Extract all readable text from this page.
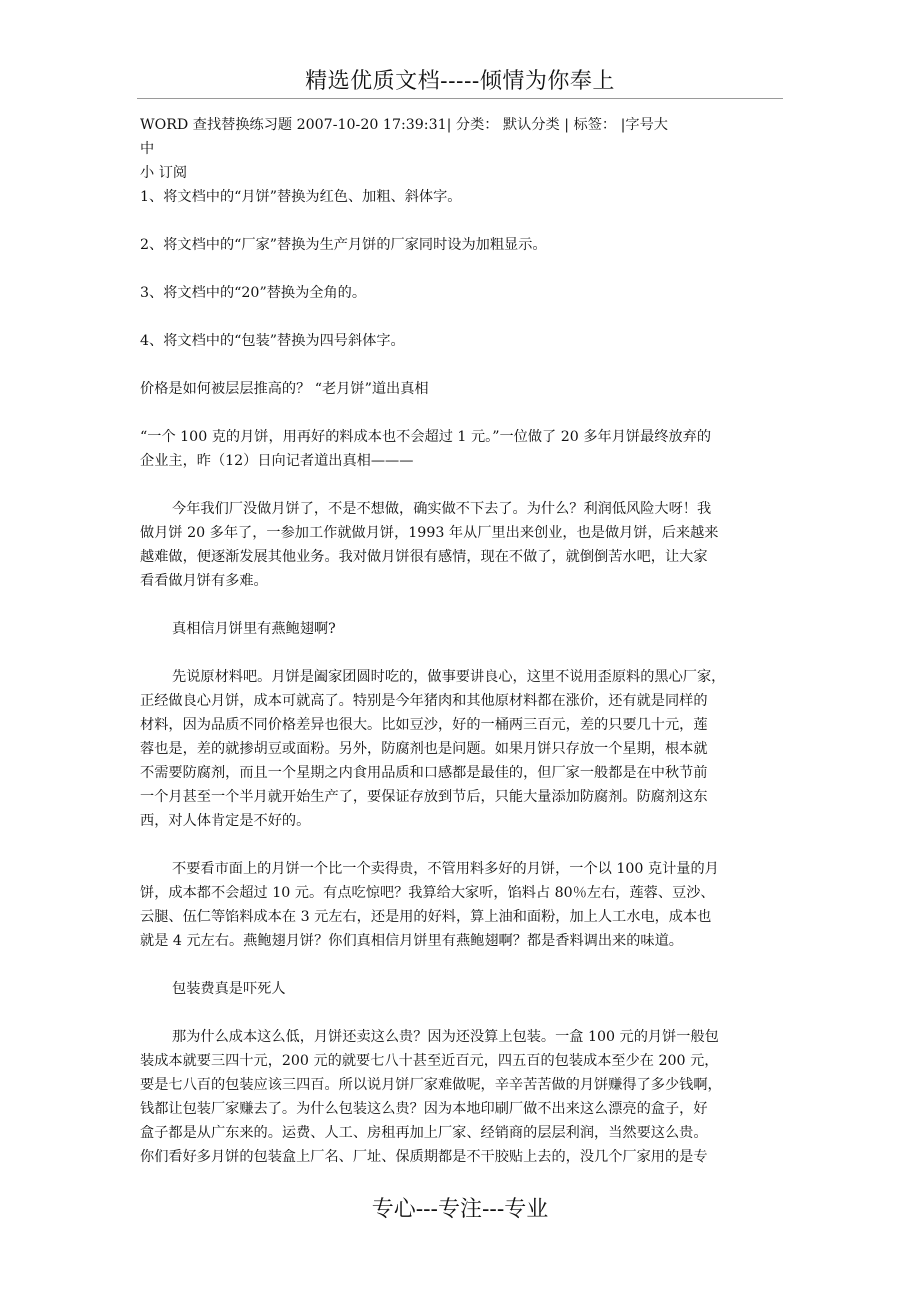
精选优质文档-----倾情为你奉上
WORD 查找替换练习题 2007-10-20 17:39:31| 分类： 默认分类 | 标签： |字号大
中
小 订阅
1、将文档中的“月饼”替换为红色、加粗、斜体字。
2、将文档中的“厂家”替换为生产月饼的厂家同时设为加粗显示。
3、将文档中的“20”替换为全角的。
4、将文档中的“包装”替换为四号斜体字。
价格是如何被层层推高的？ “老月饼”道出真相
“一个 100 克的月饼，用再好的料成本也不会超过 1 元。”一位做了 20 多年月饼最终放弃的
企业主，昨（12）日向记者道出真相———
今年我们厂没做月饼了，不是不想做，确实做不下去了。为什么？利润低风险大呀！我
做月饼 20 多年了，一参加工作就做月饼，1993 年从厂里出来创业，也是做月饼，后来越来
越难做，便逐渐发展其他业务。我对做月饼很有感情，现在不做了，就倒倒苦水吧，让大家
看看做月饼有多难。
真相信月饼里有燕鲍翅啊?
先说原材料吧。月饼是阖家团圆时吃的，做事要讲良心，这里不说用歪原料的黑心厂家，
正经做良心月饼，成本可就高了。特别是今年猪肉和其他原材料都在涨价，还有就是同样的
材料，因为品质不同价格差异也很大。比如豆沙，好的一桶两三百元，差的只要几十元，莲
蓉也是，差的就掺胡豆或面粉。另外，防腐剂也是问题。如果月饼只存放一个星期，根本就
不需要防腐剂，而且一个星期之内食用品质和口感都是最佳的，但厂家一般都是在中秋节前
一个月甚至一个半月就开始生产了，要保证存放到节后，只能大量添加防腐剂。防腐剂这东
西，对人体肯定是不好的。
不要看市面上的月饼一个比一个卖得贵，不管用料多好的月饼，一个以 100 克计量的月
饼，成本都不会超过 10 元。有点吃惊吧？我算给大家听，馅料占 80％左右，莲蓉、豆沙、
云腿、伍仁等馅料成本在 3 元左右，还是用的好料，算上油和面粉，加上人工水电，成本也
就是 4 元左右。燕鲍翅月饼？你们真相信月饼里有燕鲍翅啊？都是香料调出来的味道。
包装费真是吓死人
那为什么成本这么低，月饼还卖这么贵？因为还没算上包装。一盒 100 元的月饼一般包
装成本就要三四十元，200 元的就要七八十甚至近百元，四五百的包装成本至少在 200 元，
要是七八百的包装应该三四百。所以说月饼厂家难做呢，辛辛苦苦做的月饼赚得了多少钱啊，
钱都让包装厂家赚去了。为什么包装这么贵？因为本地印刷厂做不出来这么漂亮的盒子，好
盒子都是从广东来的。运费、人工、房租再加上厂家、经销商的层层利润，当然要这么贵。
你们看好多月饼的包装盒上厂名、厂址、保质期都是不干胶贴上去的，没几个厂家用的是专
专心---专注---专业
